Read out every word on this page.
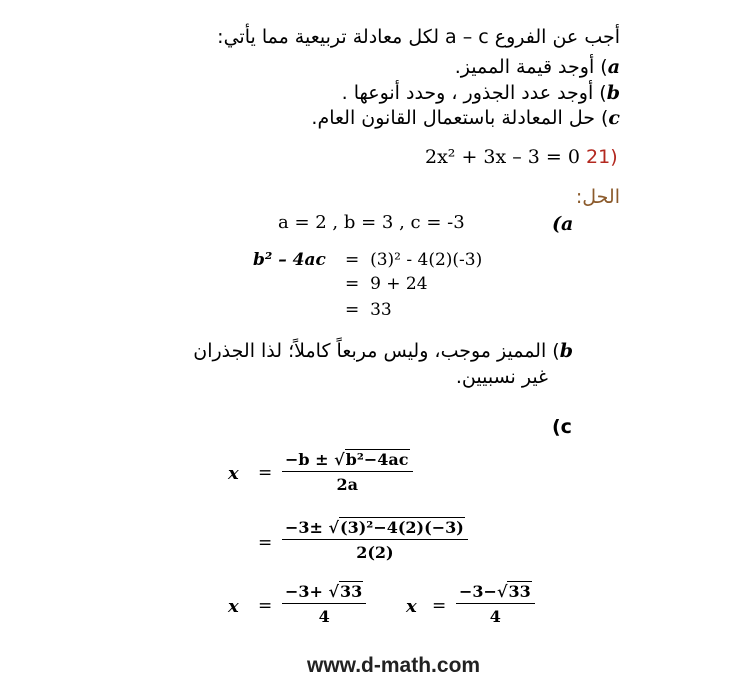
أجب عن الفروع a – c لكل معادلة تربيعية مما يأتي:
a) أوجد قيمة المميز.
b) أوجد عدد الجذور ، وحدد أنوعها .
c) حل المعادلة باستعمال القانون العام.
2x² + 3x – 3 = 0 21)
الحل:
a = 2 , b = 3 , c = -3	(a
b² – 4ac = (3)² - 4(2)(-3)
= 9 + 24
= 33
b) المميز موجب، وليس مربعاً كاملاً؛ لذا الجذران
غير نسبيين.
(c
x =
−b ± √b²−4ac
2a
=
−3± √(3)²−4(2)(−3)
2(2)
x =
−3+ √33
4	x =
−3−√33
4
www.d-math.com
